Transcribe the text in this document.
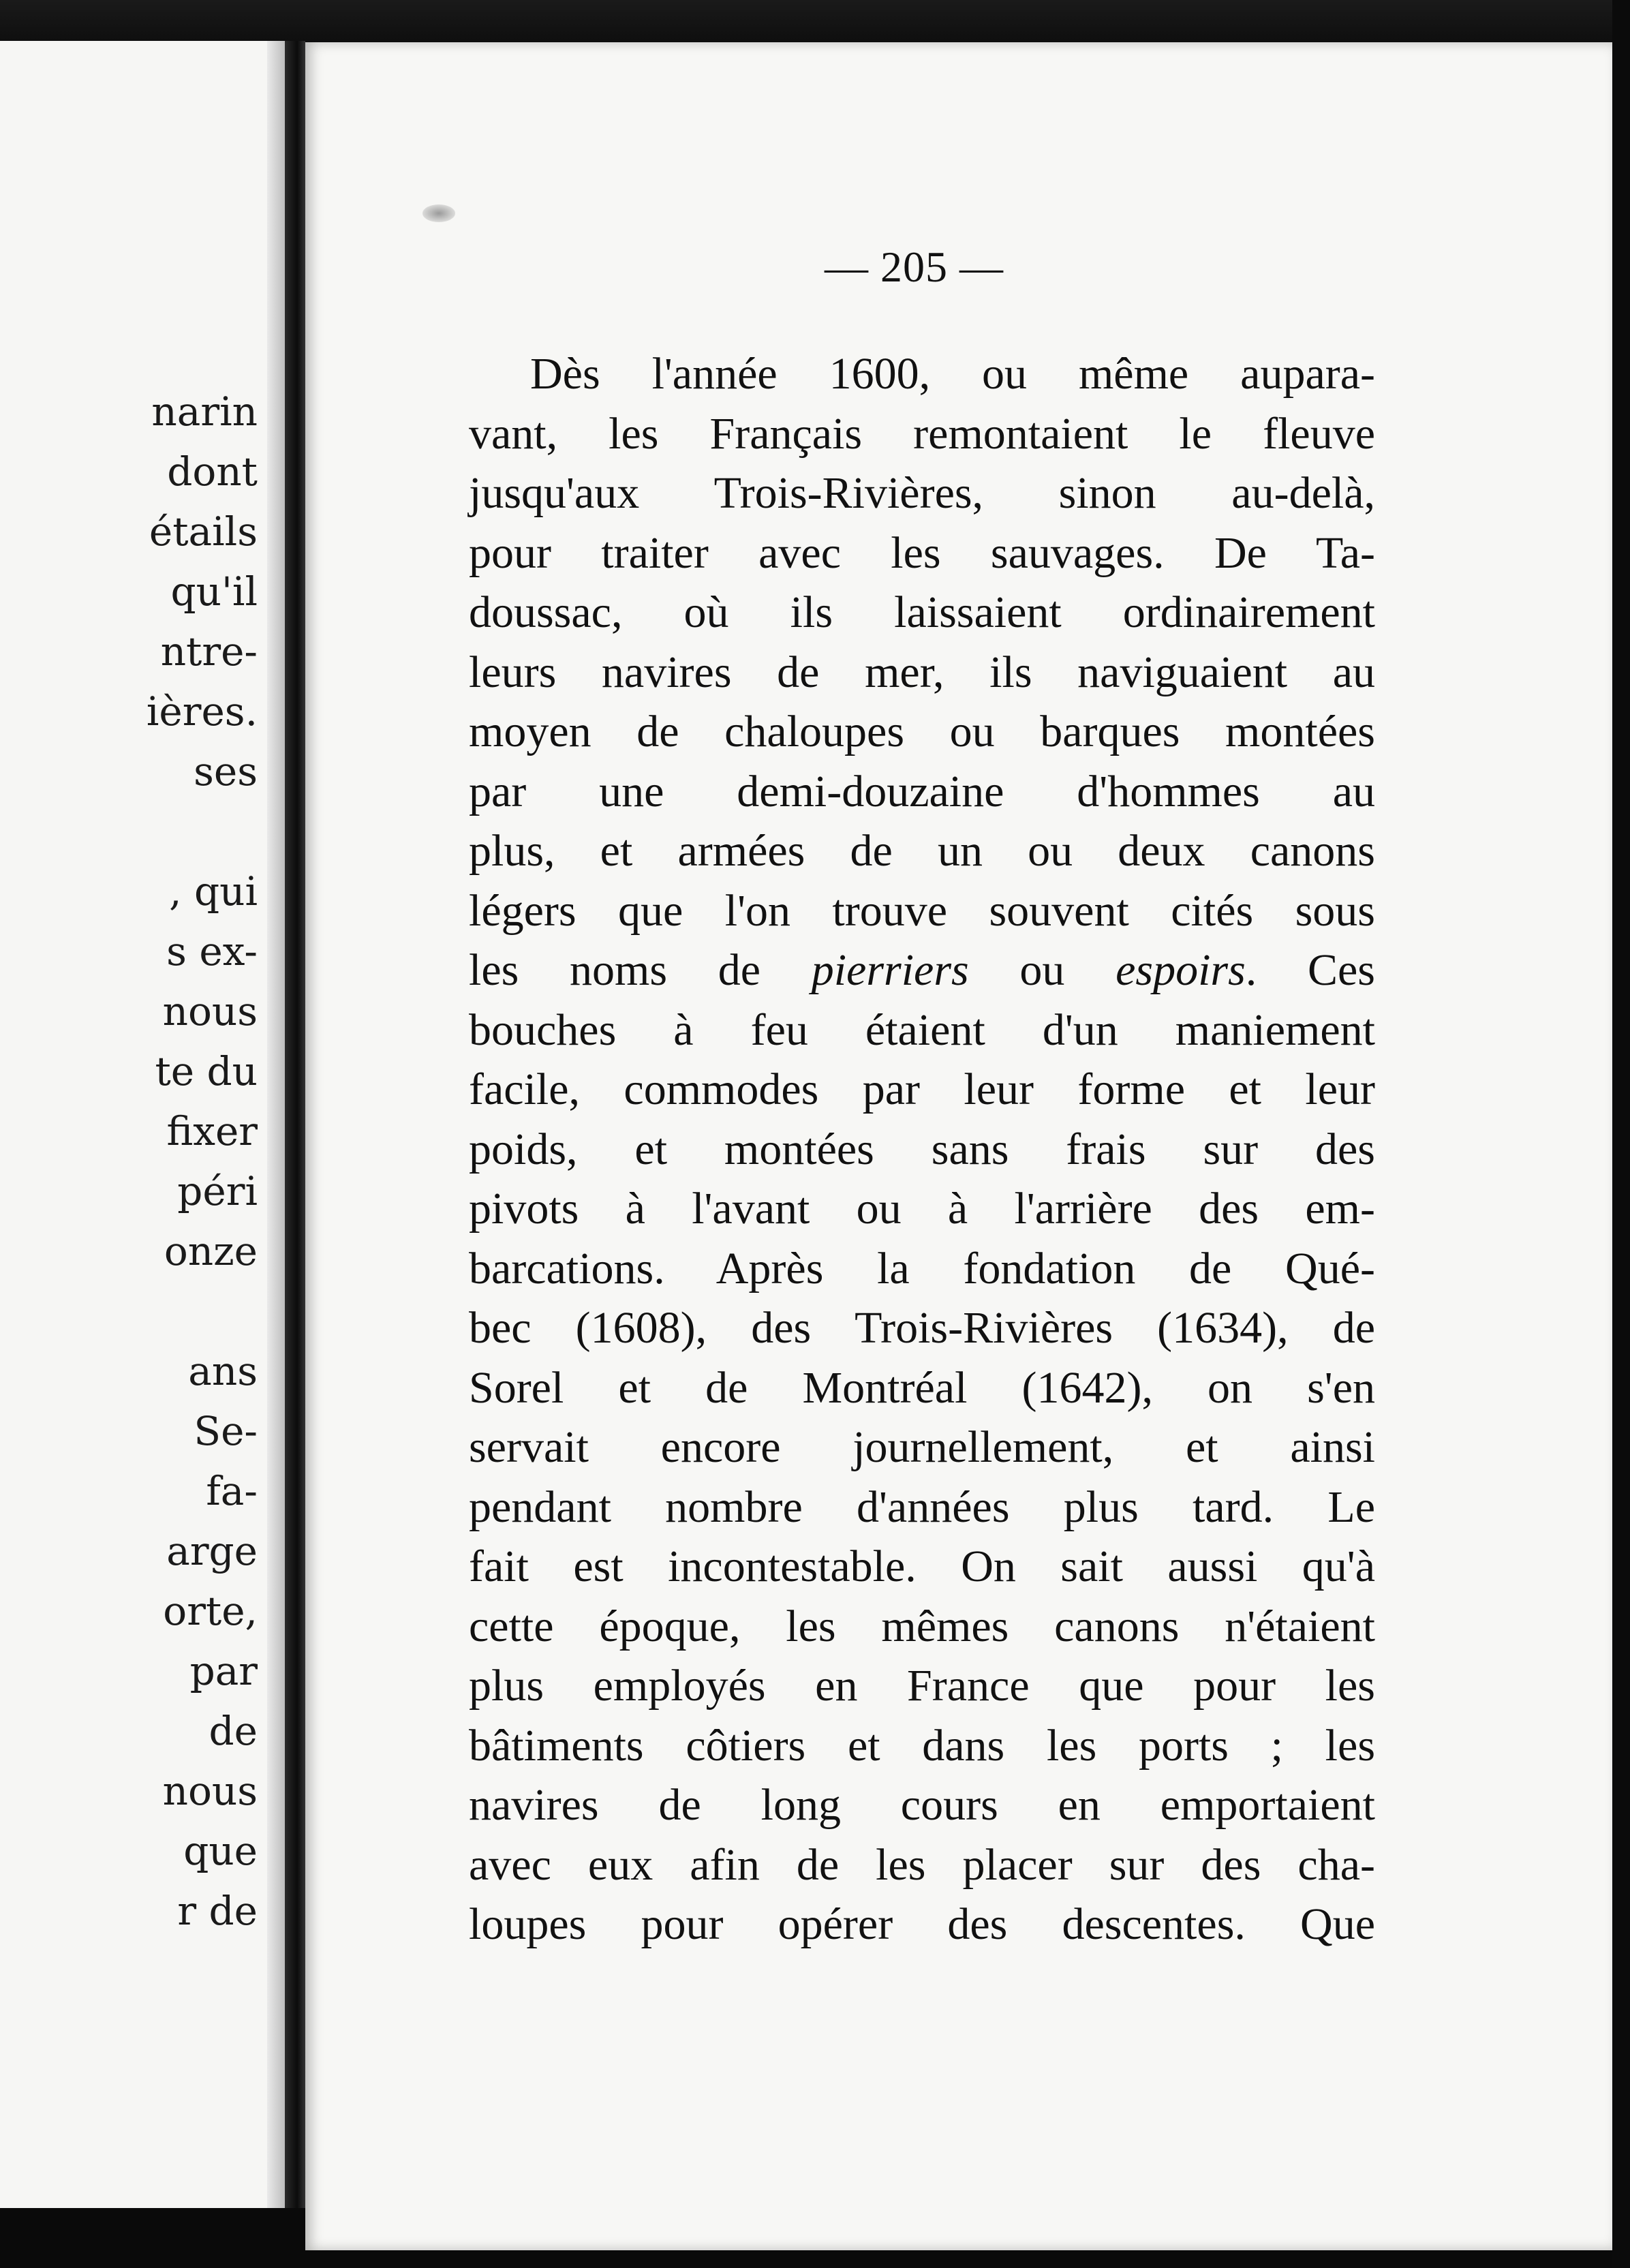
narin
dont
étails
qu'il
ntre-
ières.
ses
, qui
s ex-
nous
te du
fixer
péri
onze
ans
Se-
fa-
arge
orte,
par
de
nous
que
r de
— 205 —
Dès l'année 1600, ou même aupara-
vant, les Français remontaient le fleuve
jusqu'aux Trois-Rivières, sinon au-delà,
pour traiter avec les sauvages. De Ta-
doussac, où ils laissaient ordinairement
leurs navires de mer, ils naviguaient au
moyen de chaloupes ou barques montées
par une demi-douzaine d'hommes au
plus, et armées de un ou deux canons
légers que l'on trouve souvent cités sous
les noms de pierriers ou espoirs. Ces
bouches à feu étaient d'un maniement
facile, commodes par leur forme et leur
poids, et montées sans frais sur des
pivots à l'avant ou à l'arrière des em-
barcations. Après la fondation de Qué-
bec (1608), des Trois-Rivières (1634), de
Sorel et de Montréal (1642), on s'en
servait encore journellement, et ainsi
pendant nombre d'années plus tard. Le
fait est incontestable. On sait aussi qu'à
cette époque, les mêmes canons n'étaient
plus employés en France que pour les
bâtiments côtiers et dans les ports ; les
navires de long cours en emportaient
avec eux afin de les placer sur des cha-
loupes pour opérer des descentes. Que
